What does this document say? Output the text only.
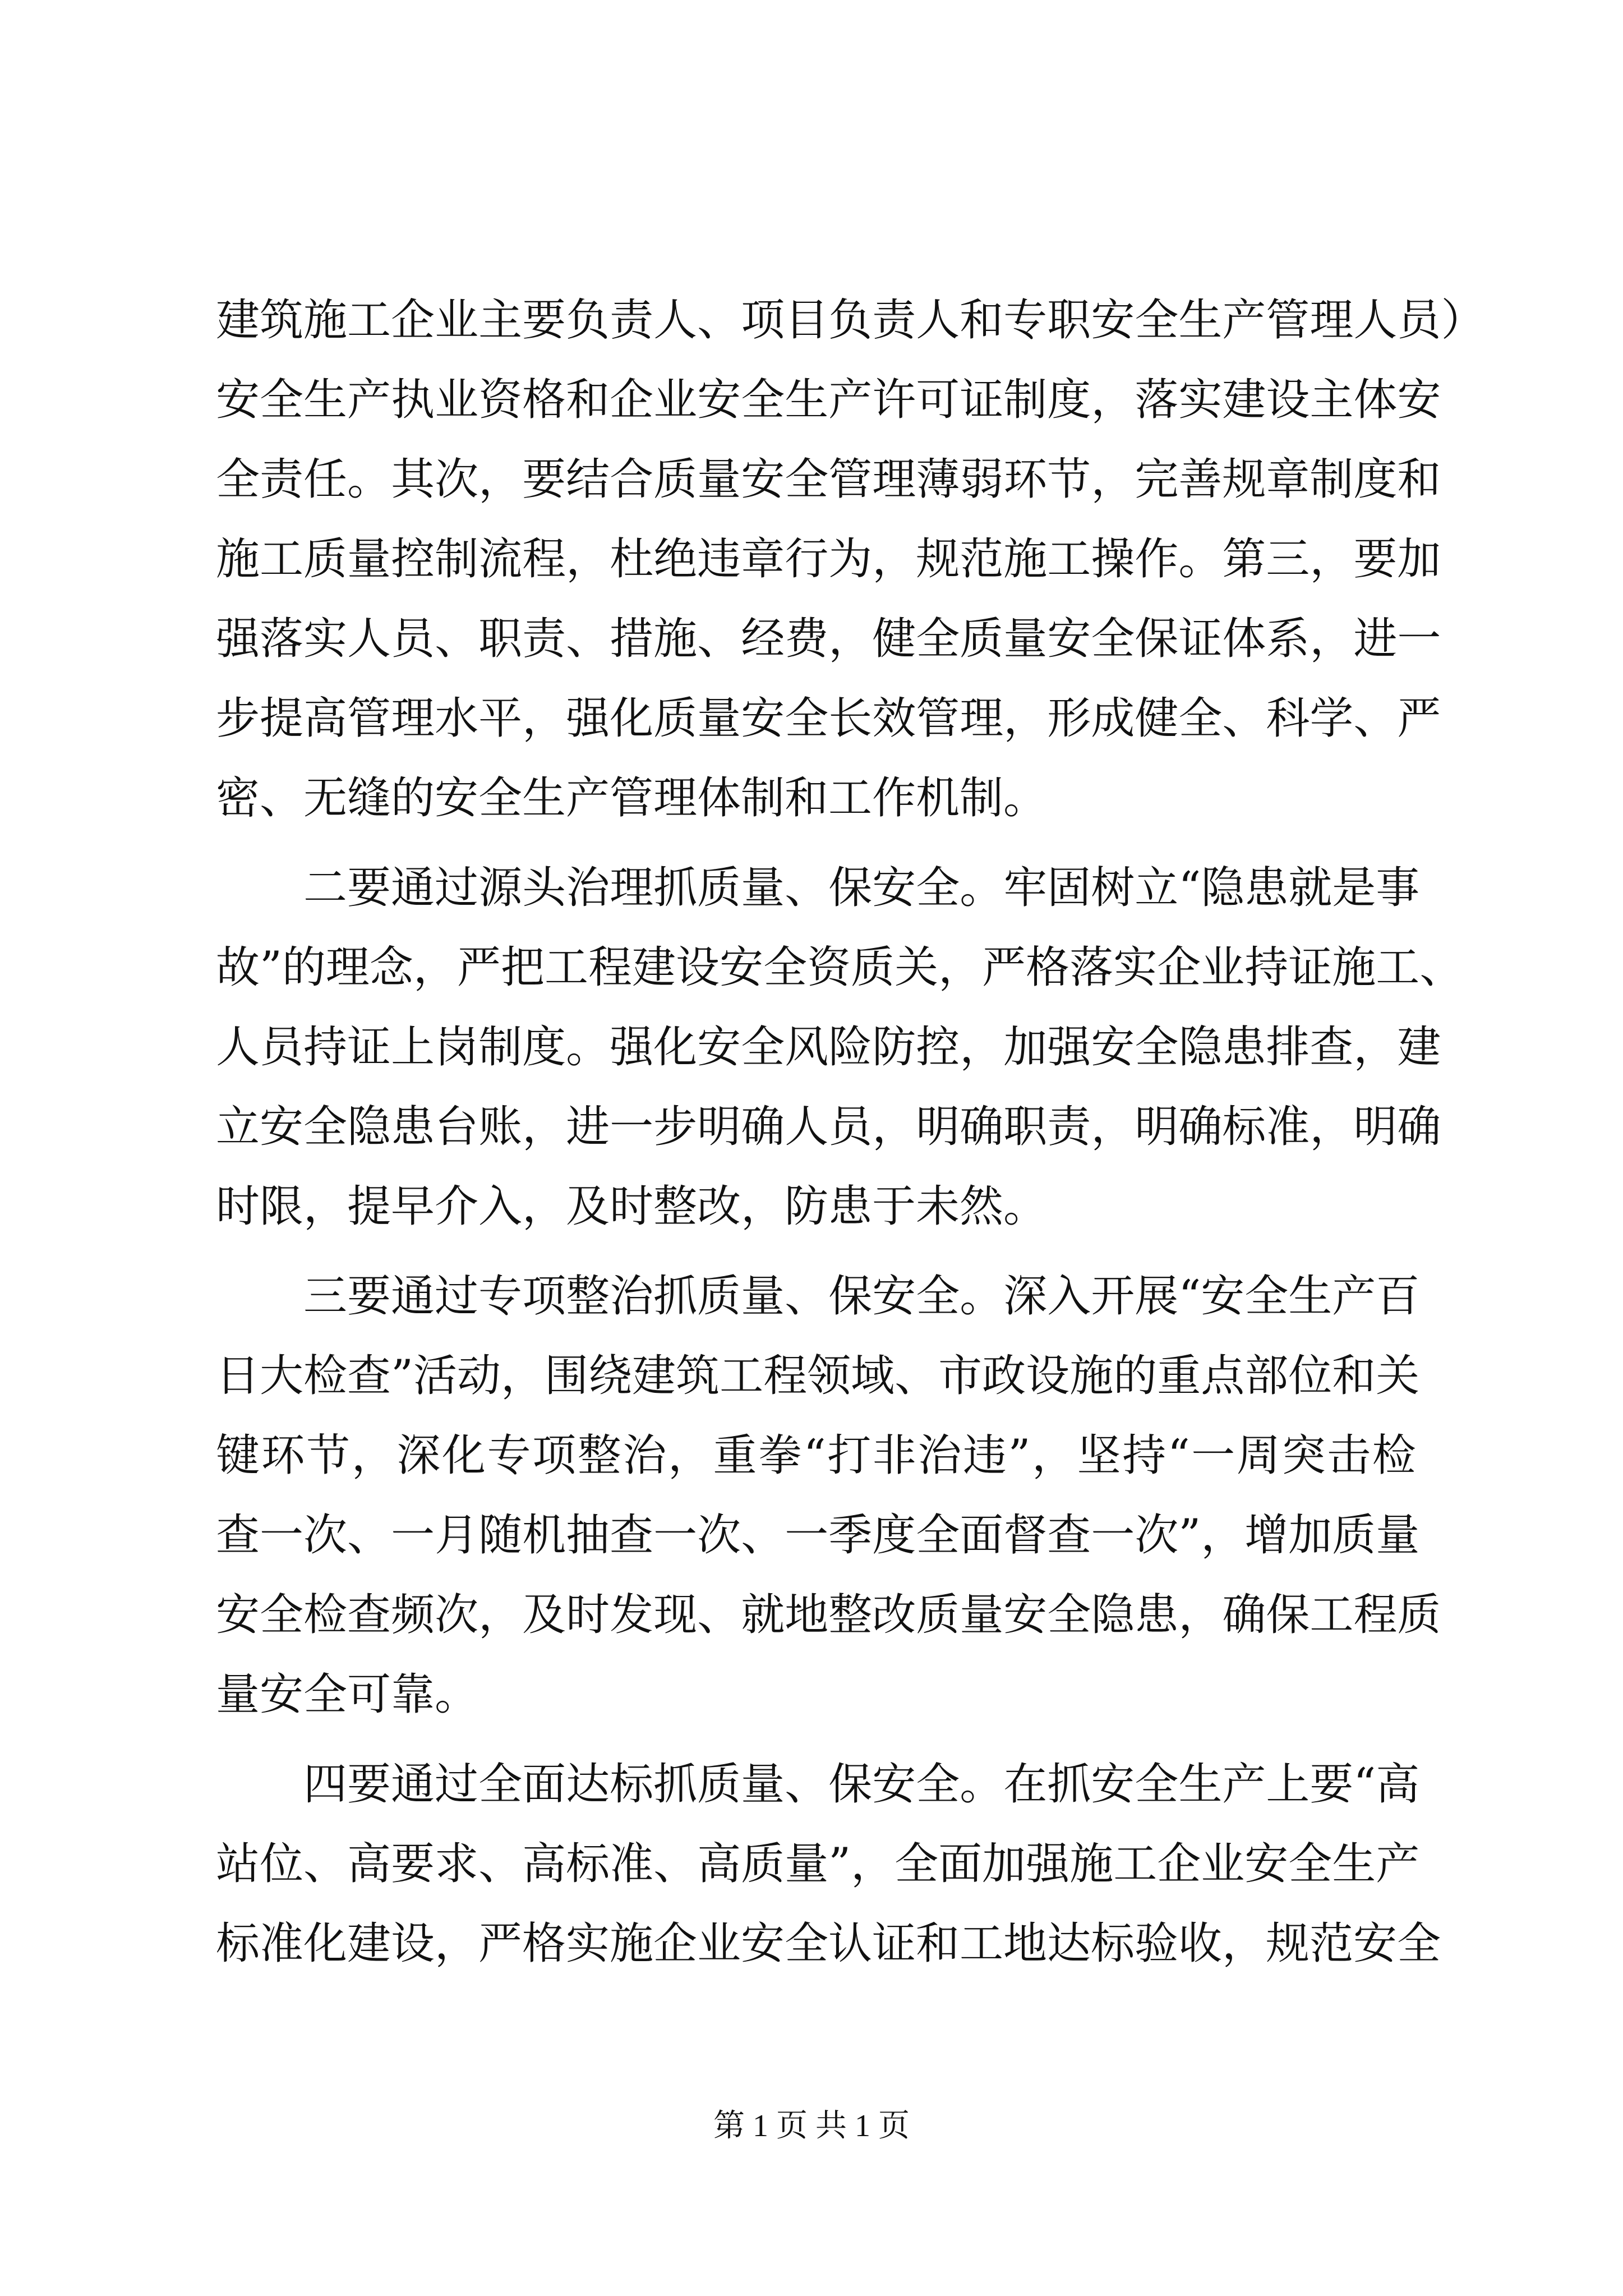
建 筑 施 工 企 业 主 要 负 责 人 、 项 目 负 责 人 和 专 职 安 全 生 产 管 理 人 员 ）
安 全 生 产 执 业 资 格 和 企 业 安 全 生 产 许 可 证 制 度 ， 落 实 建 设 主 体 安
全 责 任 。 其 次 ， 要 结 合 质 量 安 全 管 理 薄 弱 环 节 ， 完 善 规 章 制 度 和
施 工 质 量 控 制 流 程 ， 杜 绝 违 章 行 为 ， 规 范 施 工 操 作 。 第 三 ， 要 加
强 落 实 人 员 、 职 责 、 措 施 、 经 费 ， 健 全 质 量 安 全 保 证 体 系 ， 进 一
步 提 高 管 理 水 平 ， 强 化 质 量 安 全 长 效 管 理 ， 形 成 健 全 、 科 学 、 严
密、无缝的安全生产管理体制和工作机制。
二 要 通 过 源 头 治 理 抓 质 量 、 保 安 全 。 牢 固 树 立 “ 隐 患 就 是 事
故 ” 的 理 念 ， 严 把 工 程 建 设 安 全 资 质 关 ， 严 格 落 实 企 业 持 证 施 工 、
人 员 持 证 上 岗 制 度 。 强 化 安 全 风 险 防 控 ， 加 强 安 全 隐 患 排 查 ， 建
立 安 全 隐 患 台 账 ， 进 一 步 明 确 人 员 ， 明 确 职 责 ， 明 确 标 准 ， 明 确
时限，提早介入，及时整改，防患于未然。
三 要 通 过 专 项 整 治 抓 质 量 、 保 安 全 。 深 入 开 展 “ 安 全 生 产 百
日 大 检 查 ” 活 动 ， 围 绕 建 筑 工 程 领 域 、 市 政 设 施 的 重 点 部 位 和 关
键 环 节 ， 深 化 专 项 整 治 ， 重 拳 “ 打 非 治 违 ” ， 坚 持 “ 一 周 突 击 检
查 一 次 、 一 月 随 机 抽 查 一 次 、 一 季 度 全 面 督 查 一 次 ” ， 增 加 质 量
安 全 检 查 频 次 ， 及 时 发 现 、 就 地 整 改 质 量 安 全 隐 患 ， 确 保 工 程 质
量安全可靠。
四 要 通 过 全 面 达 标 抓 质 量 、 保 安 全 。 在 抓 安 全 生 产 上 要 “ 高
站 位 、 高 要 求 、 高 标 准 、 高 质 量 ” ， 全 面 加 强 施 工 企 业 安 全 生 产
标准化建设，严格实施企业安全认证和工地达标验收，规范安全
第 1 页 共 1 页
